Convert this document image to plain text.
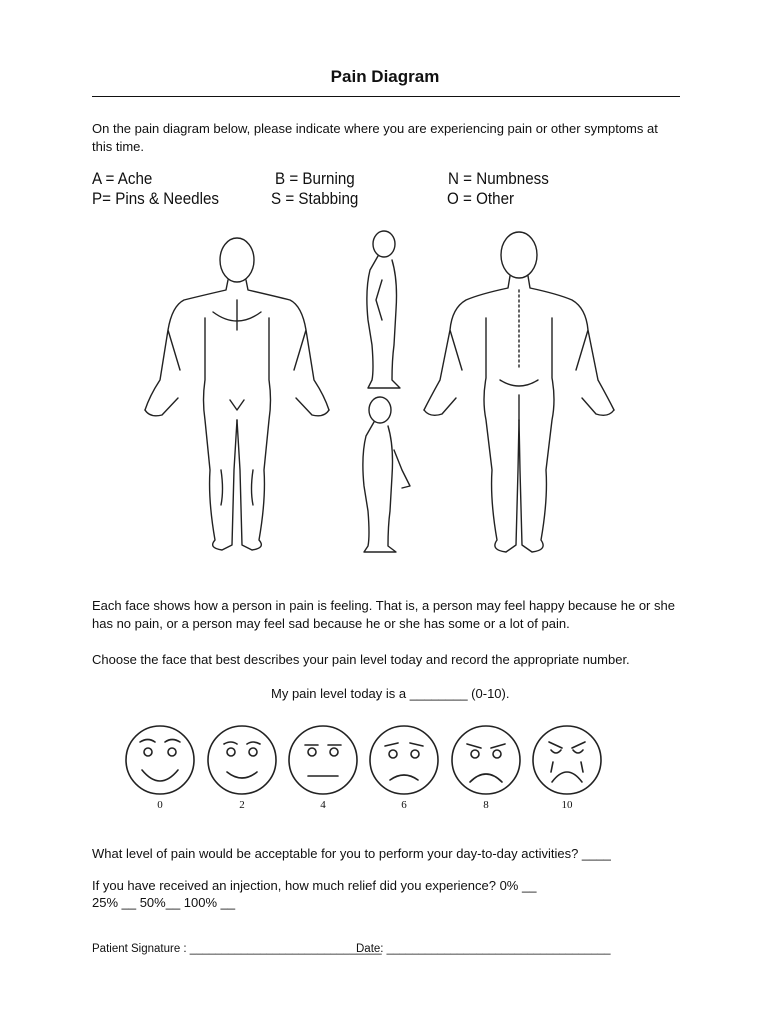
Pain Diagram
On the pain diagram below, please indicate where you are experiencing pain or other symptoms at this time.
A = Ache	B = Burning	N = Numbness
P= Pins & Needles	S = Stabbing	O = Other
Each face shows how a person in pain is feeling. That is, a person may feel happy because he or she has no pain, or a person may feel sad because he or she has some or a lot of pain.
Choose the face that best describes your pain level today and record the appropriate number.
My pain level today is a ________ (0-10).
0	2	4	6	8	10
What level of pain would be acceptable for you to perform your day-to-day activities? ____
If you have received an injection, how much relief did you experience? 0% __
25% __ 50%__ 100% __
Patient Signature : ______________________________
Date: ___________________________________
